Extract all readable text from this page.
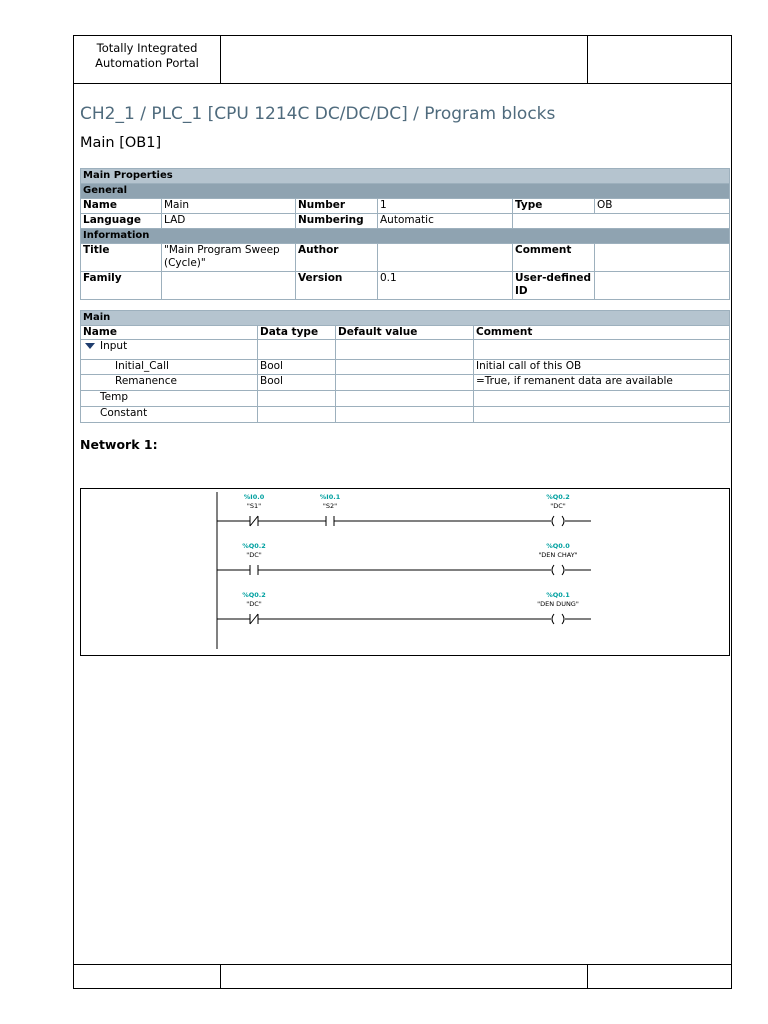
Totally Integrated
Automation Portal
CH2_1 / PLC_1 [CPU 1214C DC/DC/DC] / Program blocks
Main [OB1]
Main Properties					
General					
Name	Main	Number	1	Type	OB
Language	LAD	Numbering	Automatic		
Information					
Title	"Main Program Sweep (Cycle)"	Author		Comment	
Family		Version	0.1	User-defined ID	
Main			
Name	Data type	Default value	Comment
Input			
Initial_Call	Bool		Initial call of this OB
Remanence	Bool		=True, if remanent data are available
Temp			
Constant			
Network 1:
%I0.0
"S1"
%I0.1
"S2"
%Q0.2
"DC"
%Q0.2
"DC"
%Q0.0
"DEN CHAY"
%Q0.2
"DC"
%Q0.1
"DEN DUNG"
